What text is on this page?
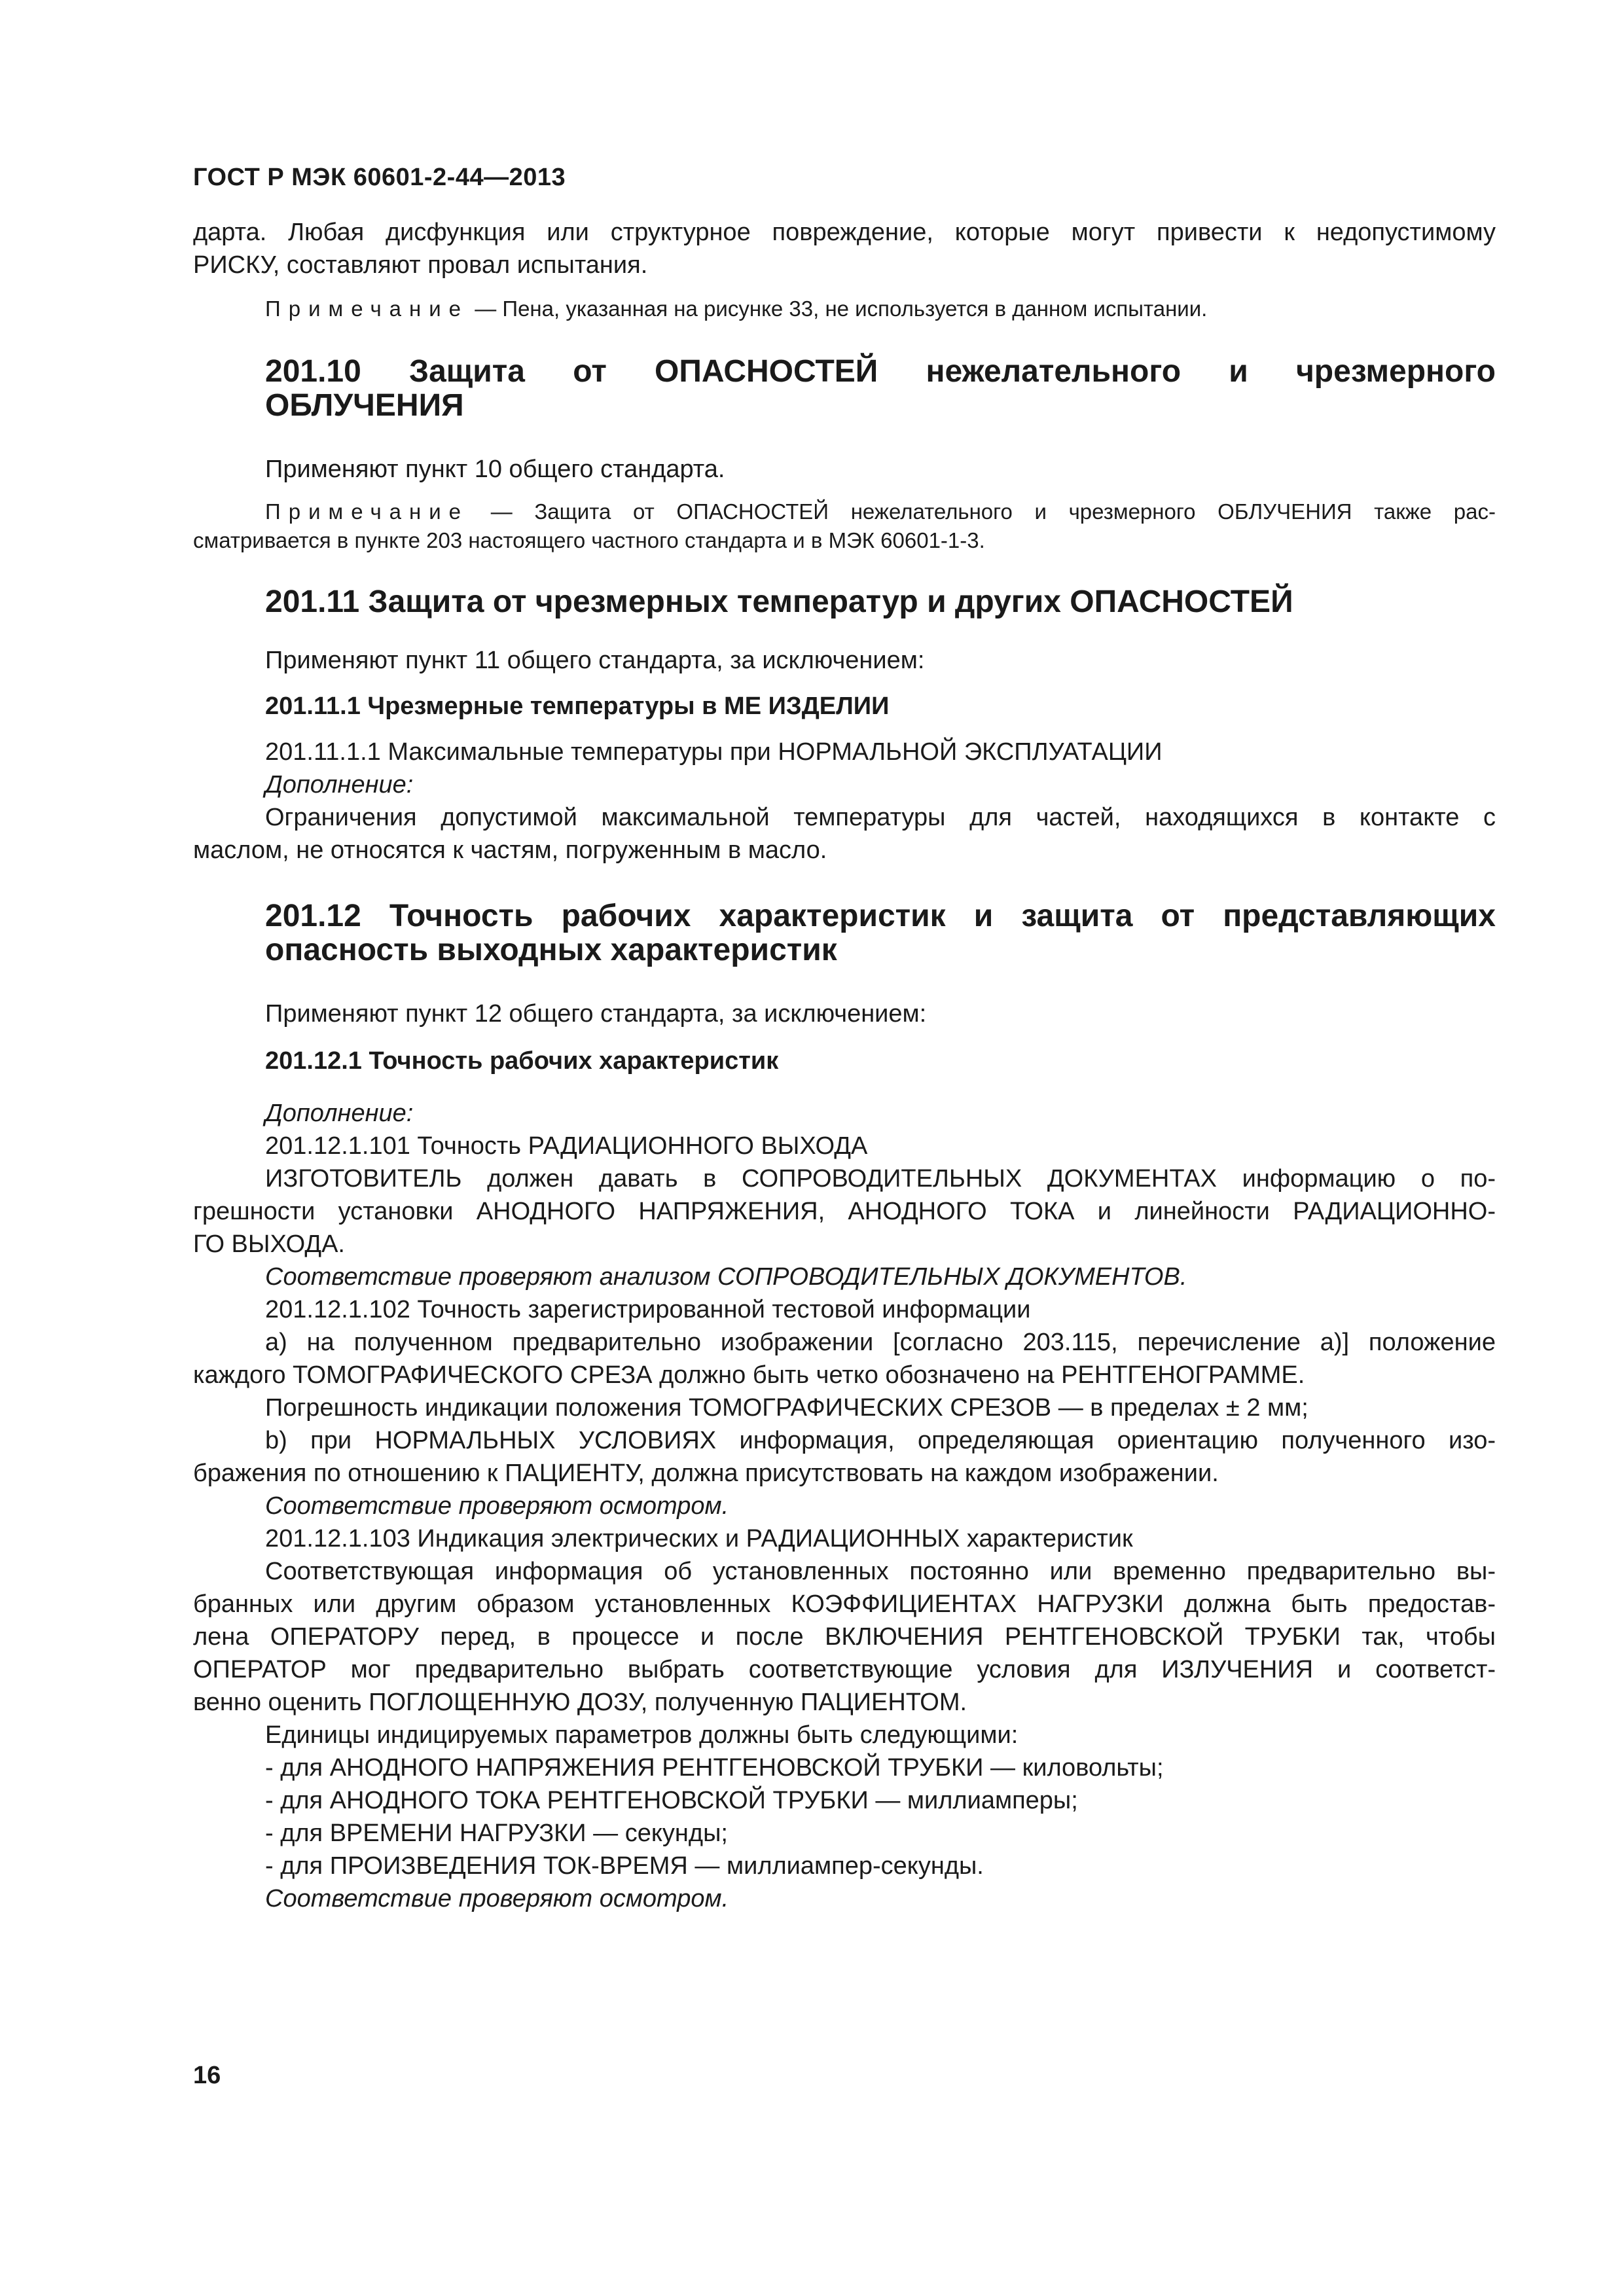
ГОСТ Р МЭК 60601-2-44—2013

дарта. Любая дисфункция или структурное повреждение, которые могут привести к недопустимому

РИСКУ, составляют провал испытания.

Примечание — Пена, указанная на рисунке 33, не используется в данном испытании.

201.10 Защита от ОПАСНОСТЕЙ нежелательного и чрезмерного

ОБЛУЧЕНИЯ

Применяют пункт 10 общего стандарта.

Примечание — Защита от ОПАСНОСТЕЙ нежелательного и чрезмерного ОБЛУЧЕНИЯ также рас-

сматривается в пункте 203 настоящего частного стандарта и в МЭК 60601-1-3.

201.11 Защита от чрезмерных температур и других ОПАСНОСТЕЙ

Применяют пункт 11 общего стандарта, за исключением:

201.11.1 Чрезмерные температуры в МЕ ИЗДЕЛИИ

201.11.1.1 Максимальные температуры при НОРМАЛЬНОЙ ЭКСПЛУАТАЦИИ

Дополнение:

Ограничения допустимой максимальной температуры для частей, находящихся в контакте с

маслом, не относятся к частям, погруженным в масло.

201.12 Точность рабочих характеристик и защита от представляющих

опасность выходных характеристик

Применяют пункт 12 общего стандарта, за исключением:

201.12.1 Точность рабочих характеристик

Дополнение:

201.12.1.101 Точность РАДИАЦИОННОГО ВЫХОДА

ИЗГОТОВИТЕЛЬ должен давать в СОПРОВОДИТЕЛЬНЫХ ДОКУМЕНТАХ информацию о по-

грешности установки АНОДНОГО НАПРЯЖЕНИЯ, АНОДНОГО ТОКА и линейности РАДИАЦИОННО-

ГО ВЫХОДА.

Соответствие проверяют анализом СОПРОВОДИТЕЛЬНЫХ ДОКУМЕНТОВ.

201.12.1.102 Точность зарегистрированной тестовой информации

а) на полученном предварительно изображении [согласно 203.115, перечисление а)] положение

каждого ТОМОГРАФИЧЕСКОГО СРЕЗА должно быть четко обозначено на РЕНТГЕНОГРАММЕ.

Погрешность индикации положения ТОМОГРАФИЧЕСКИХ СРЕЗОВ — в пределах ± 2 мм;

b) при НОРМАЛЬНЫХ УСЛОВИЯХ информация, определяющая ориентацию полученного изо-

бражения по отношению к ПАЦИЕНТУ, должна присутствовать на каждом изображении.

Соответствие проверяют осмотром.

201.12.1.103 Индикация электрических и РАДИАЦИОННЫХ характеристик

Соответствующая информация об установленных постоянно или временно предварительно вы-

бранных или другим образом установленных КОЭФФИЦИЕНТАХ НАГРУЗКИ должна быть предостав-

лена ОПЕРАТОРУ перед, в процессе и после ВКЛЮЧЕНИЯ РЕНТГЕНОВСКОЙ ТРУБКИ так, чтобы

ОПЕРАТОР мог предварительно выбрать соответствующие условия для ИЗЛУЧЕНИЯ и соответст-

венно оценить ПОГЛОЩЕННУЮ ДОЗУ, полученную ПАЦИЕНТОМ.

Единицы индицируемых параметров должны быть следующими:

- для АНОДНОГО НАПРЯЖЕНИЯ РЕНТГЕНОВСКОЙ ТРУБКИ — киловольты;

- для АНОДНОГО ТОКА РЕНТГЕНОВСКОЙ ТРУБКИ — миллиамперы;

- для ВРЕМЕНИ НАГРУЗКИ — секунды;

- для ПРОИЗВЕДЕНИЯ ТОК-ВРЕМЯ — миллиампер-секунды.

Соответствие проверяют осмотром.

16
